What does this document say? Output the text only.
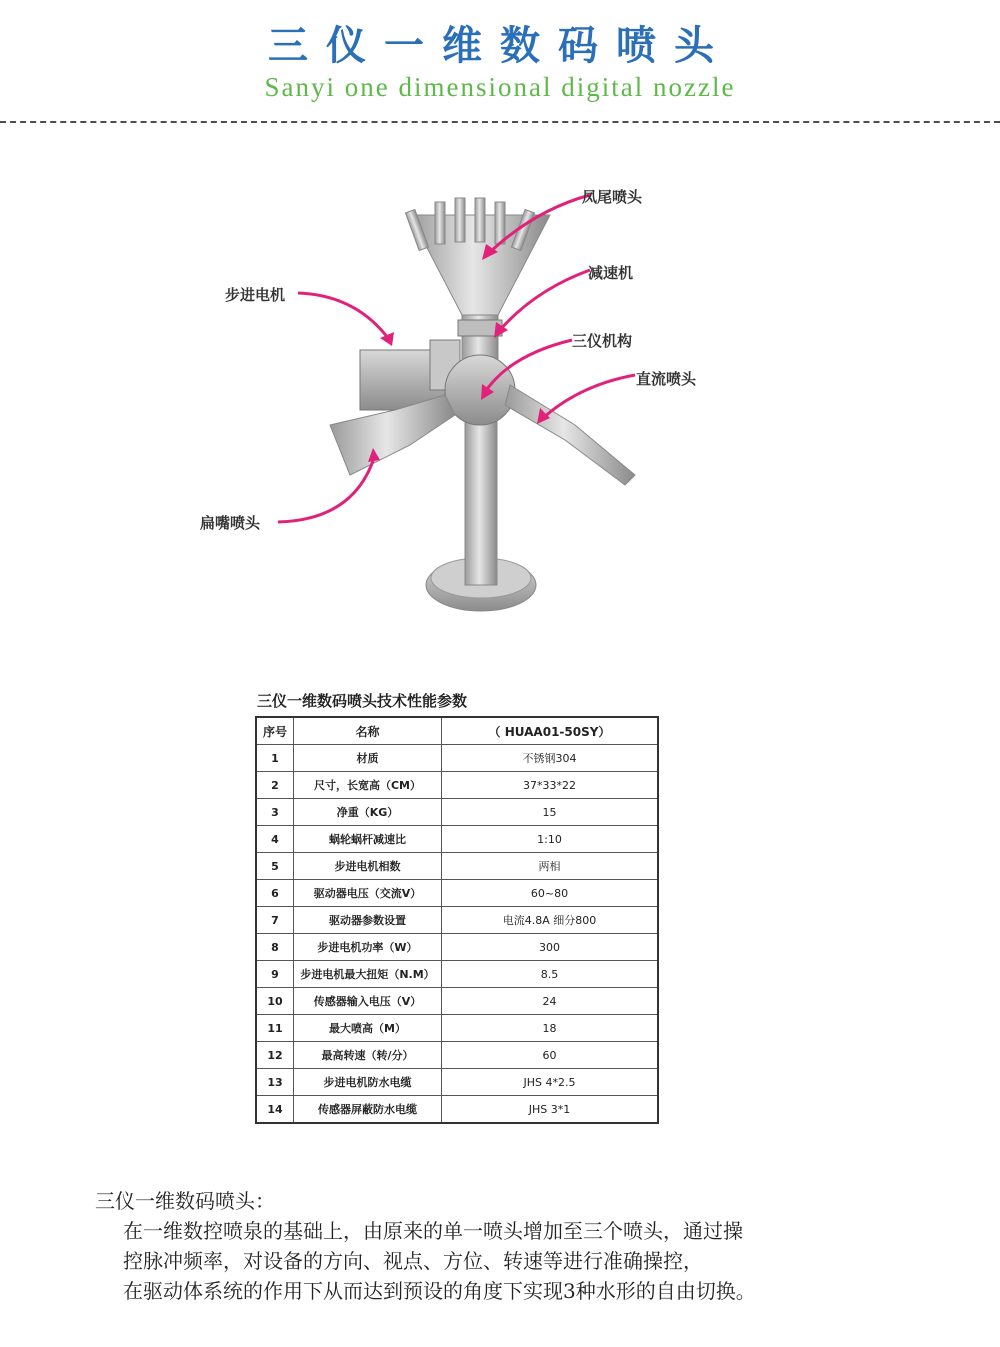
三仪一维数码喷头
Sanyi one dimensional digital nozzle
凤尾喷头
减速机
步进电机
三仪机构
直流喷头
扁嘴喷头
三仪一维数码喷头技术性能参数
序号	名称	（ HUAA01-50SY）
1	材质	不锈钢304
2	尺寸，长宽高（CM）	37*33*22
3	净重（KG）	15
4	蜗轮蜗杆减速比	1:10
5	步进电机相数	两相
6	驱动器电压（交流V）	60~80
7	驱动器参数设置	电流4.8A 细分800
8	步进电机功率（W）	300
9	步进电机最大扭矩（N.M）	8.5
10	传感器输入电压（V）	24
11	最大喷高（M）	18
12	最高转速（转/分）	60
13	步进电机防水电缆	JHS 4*2.5
14	传感器屏蔽防水电缆	JHS 3*1
三仪一维数码喷头：
在一维数控喷泉的基础上，由原来的单一喷头增加至三个喷头，通过操
控脉冲频率，对设备的方向、视点、方位、转速等进行准确操控，
在驱动体系统的作用下从而达到预设的角度下实现3种水形的自由切换。
